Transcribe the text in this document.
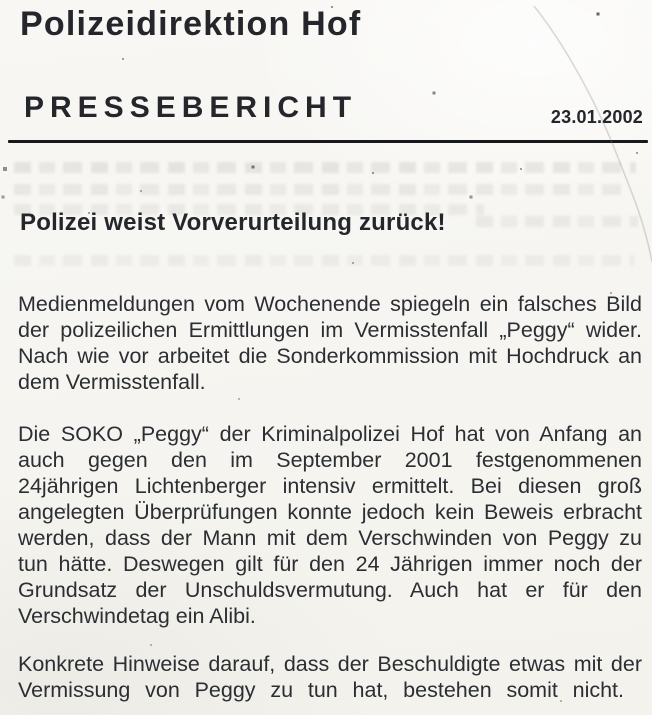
Polizeidirektion Hof
PRESSEBERICHT	23.01.2002
Polizei weist Vorverurteilung zurück!
Medienmeldungen vom Wochenende spiegeln ein falsches Bild
der polizeilichen Ermittlungen im Vermisstenfall „Peggy“ wider.
Nach wie vor arbeitet die Sonderkommission mit Hochdruck an
dem Vermisstenfall.
Die SOKO „Peggy“ der Kriminalpolizei Hof hat von Anfang an
auch gegen den im September 2001 festgenommenen
24jährigen Lichtenberger intensiv ermittelt. Bei diesen groß
angelegten Überprüfungen konnte jedoch kein Beweis erbracht
werden, dass der Mann mit dem Verschwinden von Peggy zu
tun hätte. Deswegen gilt für den 24 Jährigen immer noch der
Grundsatz der Unschuldsvermutung. Auch hat er für den
Verschwindetag ein Alibi.
Konkrete Hinweise darauf, dass der Beschuldigte etwas mit der
Vermissung von Peggy zu tun hat, bestehen somit nicht.
